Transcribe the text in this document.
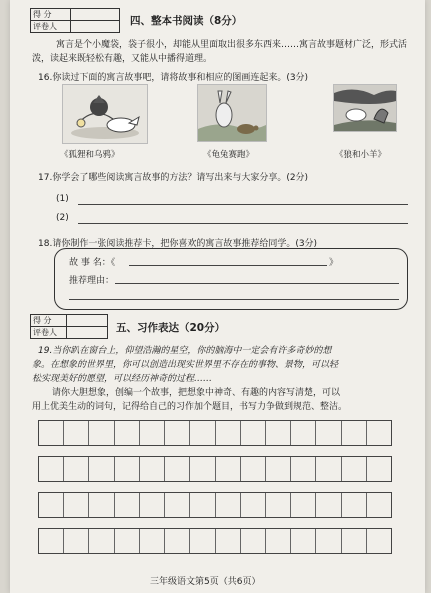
得 分	
评卷人		四、整本书阅读（8分）
寓言是个小魔袋，袋子很小，却能从里面取出很多东西来……寓言故事题材广泛，形式活泼，读起来既轻松有趣，又能从中播得道理。
16.你读过下面的寓言故事吧，请将故事和相应的图画连起来。(3分)
《狐狸和乌鸦》	《龟兔赛跑》	《狼和小羊》
17.你学会了哪些阅读寓言故事的方法？请写出来与大家分享。(2分)
(1)
(2)
18.请你制作一张阅读推荐卡，把你喜欢的寓言故事推荐给同学。(3分)
故 事 名：《	》
推荐理由：
得 分	
评卷人		五、习作表达（20分）
19.当你趴在窗台上，仰望浩瀚的星空，你的脑海中一定会有许多奇妙的想
象。在想象的世界里，你可以创造出现实世界里不存在的事物、景物，可以轻
松实现美好的愿望，可以经历神奇的过程……
请你大胆想象，创编一个故事，把想象中神奇、有趣的内容写清楚，可以
用上优美生动的词句，记得给自己的习作加个题目，书写力争做到规范、整洁。
三年级语文第5页（共6页）
